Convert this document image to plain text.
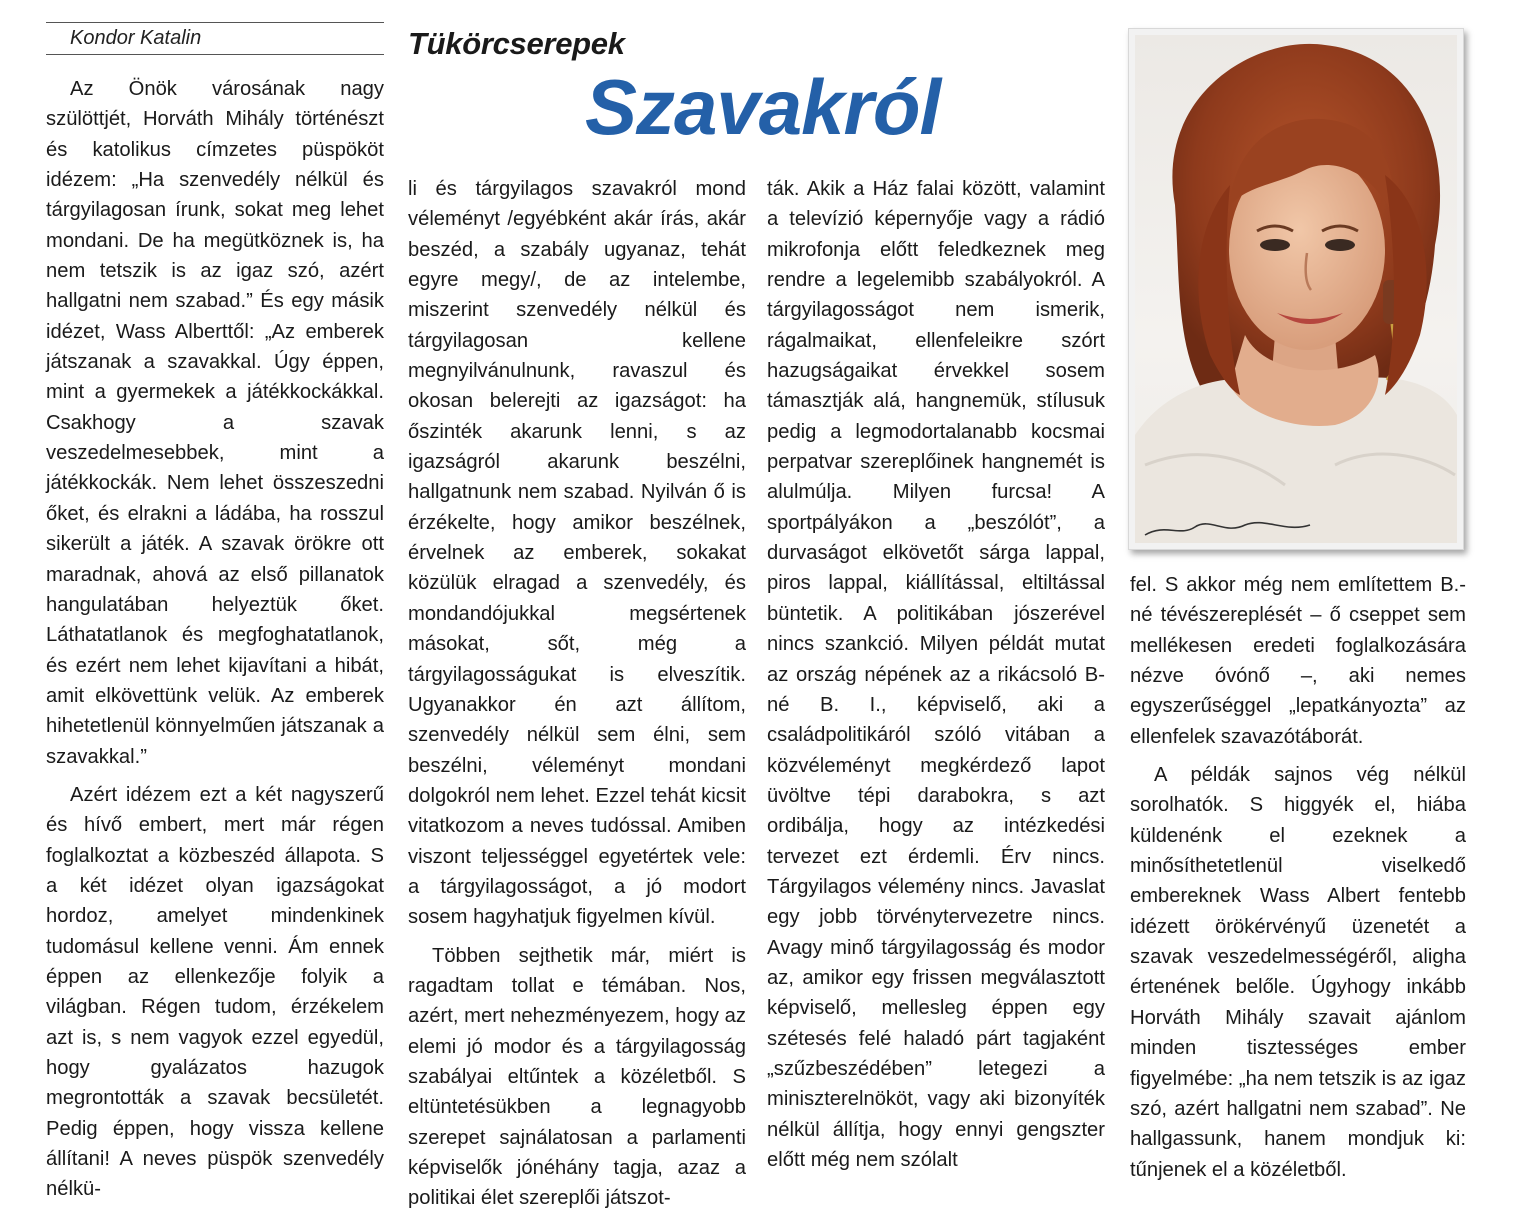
Kondor Katalin	Tükörcserepek
Szavakról

Az Önök városának nagy szülöttjét, Horváth Mihály történészt és katolikus címzetes püspököt idézem: „Ha szenvedély nélkül és tárgyilagosan írunk, sokat meg lehet mondani. De ha megütköznek is, ha nem tetszik is az igaz szó, azért hallgatni nem szabad.” És egy másik idézet, Wass Alberttől: „Az emberek játszanak a szavakkal. Úgy éppen, mint a gyermekek a játékkockákkal. Csakhogy a szavak veszedelmesebbek, mint a játékkockák. Nem lehet összeszedni őket, és elrakni a ládába, ha rosszul sikerült a játék. A szavak örökre ott maradnak, ahová az első pillanatok hangulatában helyeztük őket. Láthatatlanok és megfoghatatlanok, és ezért nem lehet kijavítani a hibát, amit elkövettünk velük. Az emberek hihetetlenül könnyelműen játszanak a szavakkal.”

Azért idézem ezt a két nagyszerű és hívő embert, mert már régen foglalkoztat a közbeszéd állapota. S a két idézet olyan igazságokat hordoz, amelyet mindenkinek tudomásul kellene venni. Ám ennek éppen az ellenkezője folyik a világban. Régen tudom, érzékelem azt is, s nem vagyok ezzel egyedül, hogy gyalázatos hazugok megrontották a szavak becsületét. Pedig éppen, hogy vissza kellene állítani! A neves püspök szenvedély nélkü-

li és tárgyilagos szavakról mond véleményt /egyébként akár írás, akár beszéd, a szabály ugyanaz, tehát egyre megy/, de az intelembe, miszerint szenvedély nélkül és tárgyilagosan kellene megnyilvánulnunk, ravaszul és okosan belerejti az igazságot: ha őszinték akarunk lenni, s az igazságról akarunk beszélni, hallgatnunk nem szabad. Nyilván ő is érzékelte, hogy amikor beszélnek, érvelnek az emberek, sokakat közülük elragad a szenvedély, és mondandójukkal megsértenek másokat, sőt, még a tárgyilagosságukat is elveszítik. Ugyanakkor én azt állítom, szenvedély nélkül sem élni, sem beszélni, véleményt mondani dolgokról nem lehet. Ezzel tehát kicsit vitatkozom a neves tudóssal. Amiben viszont teljességgel egyetértek vele: a tárgyilagosságot, a jó modort sosem hagyhatjuk figyelmen kívül.

Többen sejthetik már, miért is ragadtam tollat e témában. Nos, azért, mert nehezményezem, hogy az elemi jó modor és a tárgyilagosság szabályai eltűntek a közéletből. S eltüntetésükben a legnagyobb szerepet sajnálatosan a parlamenti képviselők jónéhány tagja, azaz a politikai élet szereplői játszot-

ták. Akik a Ház falai között, valamint a televízió képernyője vagy a rádió mikrofonja előtt feledkeznek meg rendre a legelemibb szabályokról. A tárgyilagosságot nem ismerik, rágalmaikat, ellenfeleikre szórt hazugságaikat érvekkel sosem támasztják alá, hangnemük, stílusuk pedig a legmodortalanabb kocsmai perpatvar szereplőinek hangnemét is alulmúlja. Milyen furcsa! A sportpályákon a „beszólót”, a durvaságot elkövetőt sárga lappal, piros lappal, kiállítással, eltiltással büntetik. A politikában jószerével nincs szankció. Milyen példát mutat az ország népének az a rikácsoló B-né B. I., képviselő, aki a családpolitikáról szóló vitában a közvéleményt megkérdező lapot üvöltve tépi darabokra, s azt ordibálja, hogy az intézkedési tervezet ezt érdemli. Érv nincs. Tárgyilagos vélemény nincs. Javaslat egy jobb törvénytervezetre nincs. Avagy minő tárgyilagosság és modor az, amikor egy frissen megválasztott képviselő, mellesleg éppen egy szétesés felé haladó párt tagjaként „szűzbeszédében” letegezi a miniszterelnököt, vagy aki bizonyíték nélkül állítja, hogy ennyi gengszter előtt még nem szólalt

fel. S akkor még nem említettem B.-né tévészereplését – ő cseppet sem mellékesen eredeti foglalkozására nézve óvónő –, aki nemes egyszerűséggel „lepatkányozta” az ellenfelek szavazótáborát.

A példák sajnos vég nélkül sorolhatók. S higgyék el, hiába küldenénk el ezeknek a minősíthetetlenül viselkedő embereknek Wass Albert fentebb idézett örökérvényű üzenetét a szavak veszedelmességéről, aligha értenének belőle. Úgyhogy inkább Horváth Mihály szavait ajánlom minden tisztességes ember figyelmébe: „ha nem tetszik is az igaz szó, azért hallgatni nem szabad”. Ne hallgassunk, hanem mondjuk ki: tűnjenek el a közéletből.
